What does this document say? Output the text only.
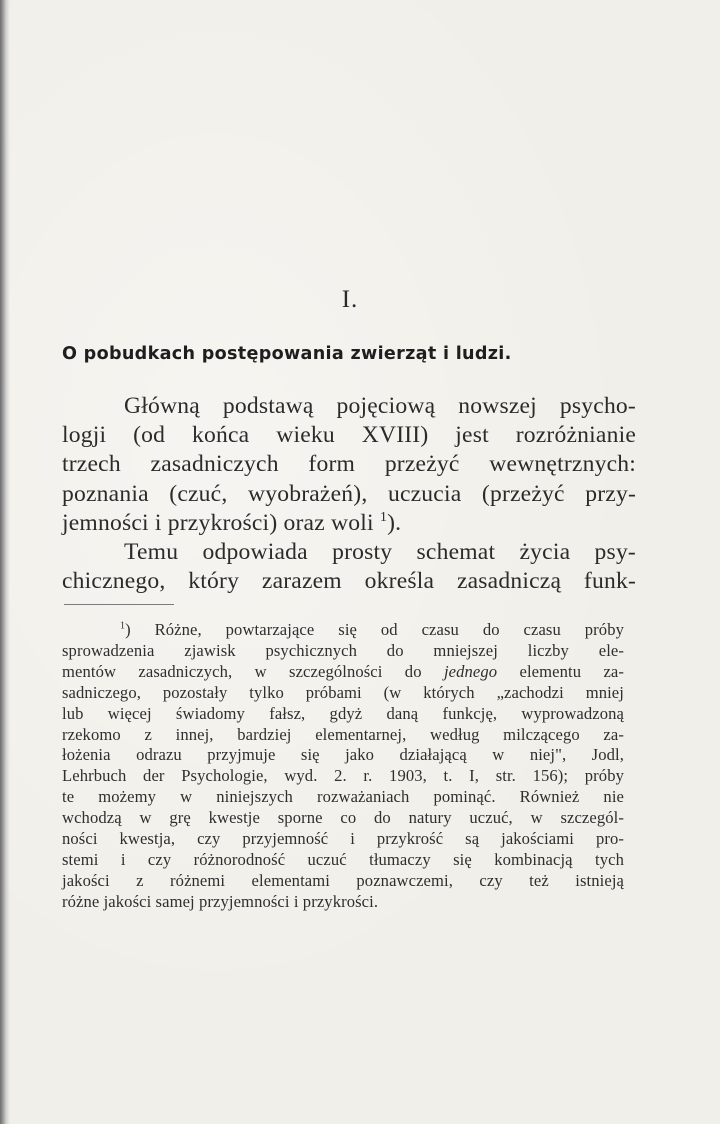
I.
O pobudkach postępowania zwierząt i ludzi.
Główną podstawą pojęciową nowszej psycho-
logji (od końca wieku XVIII) jest rozróżnianie
trzech zasadniczych form przeżyć wewnętrznych:
poznania (czuć, wyobrażeń), uczucia (przeżyć przy-
jemności i przykrości) oraz woli $^1$).
Temu odpowiada prosty schemat życia psy-
chicznego, który zarazem określa zasadniczą funk-
$^1$) Różne, powtarzające się od czasu do czasu próby
sprowadzenia zjawisk psychicznych do mniejszej liczby ele-
mentów zasadniczych, w szczególności do jednego elementu za-
sadniczego, pozostały tylko próbami (w których „zachodzi mniej
lub więcej świadomy fałsz, gdyż daną funkcję, wyprowadzoną
rzekomo z innej, bardziej elementarnej, według milczącego za-
łożenia odrazu przyjmuje się jako działającą w niej", Jodl,
Lehrbuch der Psychologie, wyd. 2. r. 1903, t. I, str. 156); próby
te możemy w niniejszych rozważaniach pominąć. Również nie
wchodzą w grę kwestje sporne co do natury uczuć, w szczegól-
ności kwestja, czy przyjemność i przykrość są jakościami pro-
stemi i czy różnorodność uczuć tłumaczy się kombinacją tych
jakości z różnemi elementami poznawczemi, czy też istnieją
różne jakości samej przyjemności i przykrości.
